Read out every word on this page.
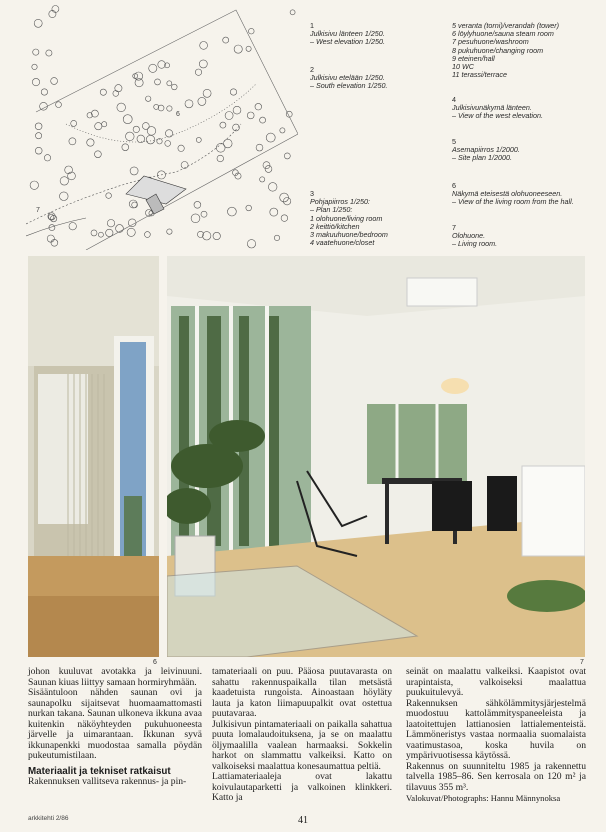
6
7
1
Julkisivu länteen 1/250.
– West elevation 1/250.
2
Julkisivu etelään 1/250.
– South elevation 1/250.
3
Pohjapiirros 1/250:
– Plan 1/250:
1 olohuone/living room
2 keittiö/kitchen
3 makuuhuone/bedroom
4 vaatehuone/closet
5 veranta (torni)/verandah (tower)
6 löylyhuone/sauna steam room
7 pesuhuone/washroom
8 pukuhuone/changing room
9 eteinen/hall
10 WC
11 terassi/terrace
4
Julkisivunäkymä länteen.
– View of the west elevation.
5
Asemapiirros 1/2000.
– Site plan 1/2000.
6
Näkymä eteisestä olohuoneeseen.
– View of the living room from the hall.
7
Olohuone.
– Living room.
6	7

johon kuuluvat avotakka ja leivinuuni. Saunan kiuas liittyy samaan hormiryhmään.

Sisääntuloon nähden saunan ovi ja saunapolku sijaitsevat huomaamattomasti nurkan takana. Saunan ulkoneva ikkuna avaa kuitenkin näköyhteyden pukuhuoneesta järvelle ja uimarantaan. Ikkunan syvä ikkunapenkki muodostaa samalla pöydän pukeutumistilaan.

Materiaalit ja tekniset ratkaisut

Rakennuksen vallitseva rakennus- ja pin-

tamateriaali on puu. Pääosa puutavarasta on sahattu rakennuspaikalla tilan metsästä kaadetuista rungoista. Ainoastaan höyläty lauta ja katon liimapuupalkit ovat ostettua puutavaraa.

Julkisivun pintamateriaali on paikalla sahattua puuta lomalaudoituksena, ja se on maalattu öljymaalilla vaalean harmaaksi. Sokkelin harkot on slammattu valkeiksi. Katto on valkoiseksi maalattua konesaumattua peltiä.

Lattiamateriaaleja ovat lakattu koivulautaparketti ja valkoinen klinkkeri. Katto ja

seinät on maalattu valkeiksi. Kaapistot ovat urapintaista, valkoiseksi maalattua puukuitulevyä.

Rakennuksen sähkölämmitysjärjestelmä muodostuu kattolämmityspaneeleista ja laatoitettujen lattianosien lattialementeistä. Lämmöneristys vastaa normaalia suomalaista vaatimustasoa, koska huvila on ympärivuotisessa käytössä.

Rakennus on suunniteltu 1985 ja rakennettu talvella 1985–86. Sen kerrosala on 120 m² ja tilavuus 355 m³.

Valokuvat/Photographs: Hannu Männynoksa

arkkitehti 2/86	41
